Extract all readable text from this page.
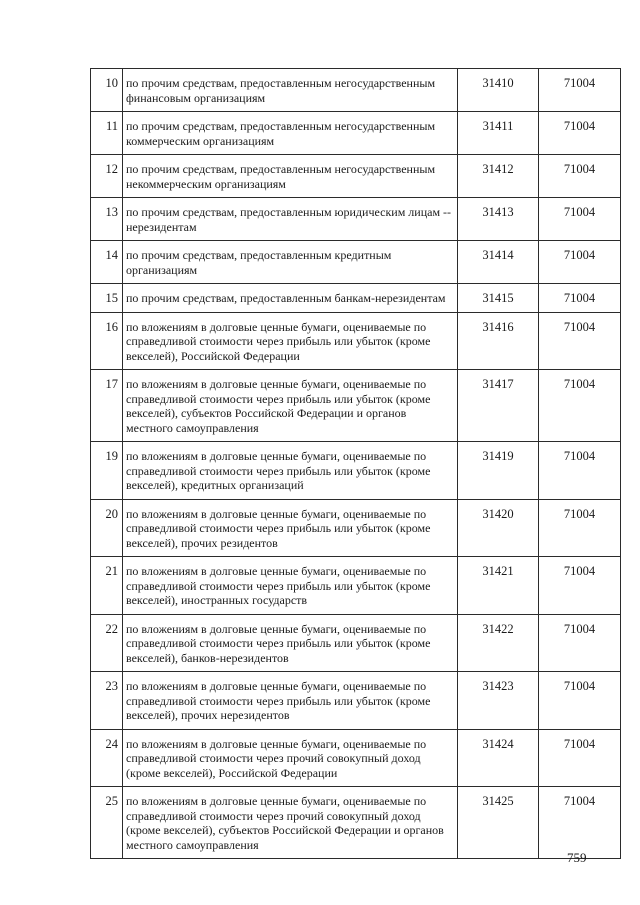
10	по прочим средствам, предоставленным негосударственным финансовым организациям	31410	71004
11	по прочим средствам, предоставленным негосударственным коммерческим организациям	31411	71004
12	по прочим средствам, предоставленным негосударственным некоммерческим организациям	31412	71004
13	по прочим средствам, предоставленным юридическим лицам -- нерезидентам	31413	71004
14	по прочим средствам, предоставленным кредитным организациям	31414	71004
15	по прочим средствам, предоставленным банкам-нерезидентам	31415	71004
16	по вложениям в долговые ценные бумаги, оцениваемые по справедливой стоимости через прибыль или убыток (кроме векселей), Российской Федерации	31416	71004
17	по вложениям в долговые ценные бумаги, оцениваемые по справедливой стоимости через прибыль или убыток (кроме векселей), субъектов Российской Федерации и органов местного самоуправления	31417	71004
19	по вложениям в долговые ценные бумаги, оцениваемые по справедливой стоимости через прибыль или убыток (кроме векселей), кредитных организаций	31419	71004
20	по вложениям в долговые ценные бумаги, оцениваемые по справедливой стоимости через прибыль или убыток (кроме векселей), прочих резидентов	31420	71004
21	по вложениям в долговые ценные бумаги, оцениваемые по справедливой стоимости через прибыль или убыток (кроме векселей), иностранных государств	31421	71004
22	по вложениям в долговые ценные бумаги, оцениваемые по справедливой стоимости через прибыль или убыток (кроме векселей), банков-нерезидентов	31422	71004
23	по вложениям в долговые ценные бумаги, оцениваемые по справедливой стоимости через прибыль или убыток (кроме векселей), прочих нерезидентов	31423	71004
24	по вложениям в долговые ценные бумаги, оцениваемые по справедливой стоимости через прочий совокупный доход (кроме векселей), Российской Федерации	31424	71004
25	по вложениям в долговые ценные бумаги, оцениваемые по справедливой стоимости через прочий совокупный доход (кроме векселей), субъектов Российской Федерации и органов местного самоуправления	31425	71004
759
